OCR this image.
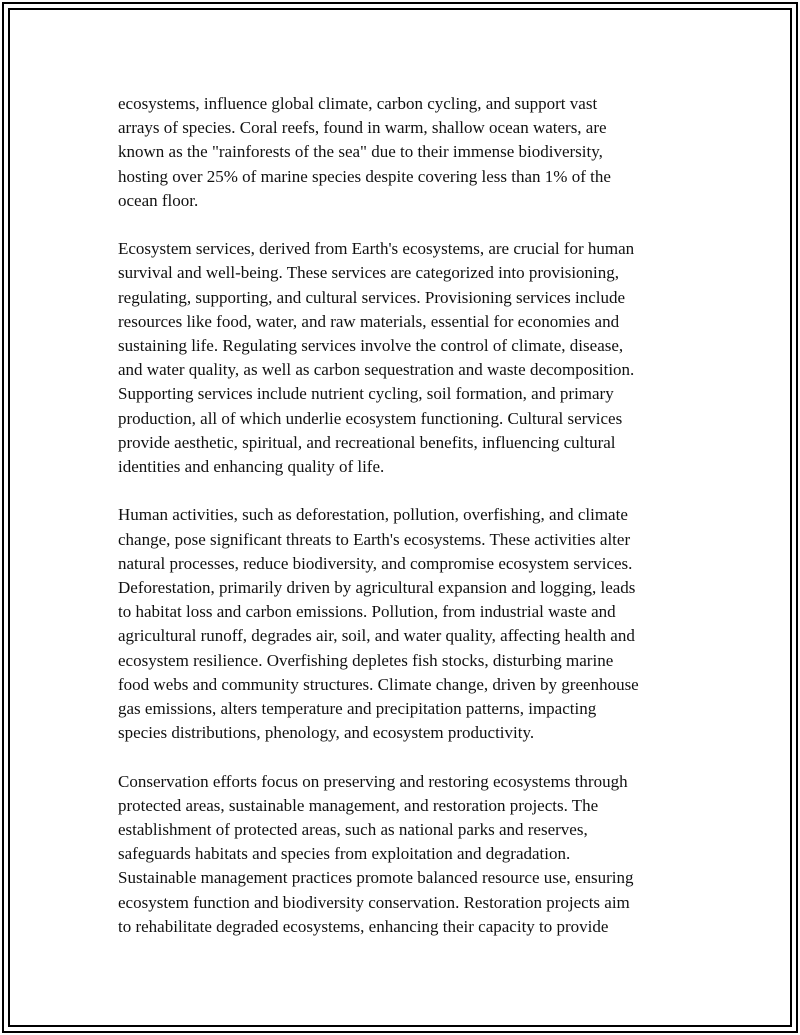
ecosystems, influence global climate, carbon cycling, and support vast
arrays of species. Coral reefs, found in warm, shallow ocean waters, are
known as the "rainforests of the sea" due to their immense biodiversity,
hosting over 25% of marine species despite covering less than 1% of the
ocean floor.

Ecosystem services, derived from Earth's ecosystems, are crucial for human
survival and well-being. These services are categorized into provisioning,
regulating, supporting, and cultural services. Provisioning services include
resources like food, water, and raw materials, essential for economies and
sustaining life. Regulating services involve the control of climate, disease,
and water quality, as well as carbon sequestration and waste decomposition.
Supporting services include nutrient cycling, soil formation, and primary
production, all of which underlie ecosystem functioning. Cultural services
provide aesthetic, spiritual, and recreational benefits, influencing cultural
identities and enhancing quality of life.

Human activities, such as deforestation, pollution, overfishing, and climate
change, pose significant threats to Earth's ecosystems. These activities alter
natural processes, reduce biodiversity, and compromise ecosystem services.
Deforestation, primarily driven by agricultural expansion and logging, leads
to habitat loss and carbon emissions. Pollution, from industrial waste and
agricultural runoff, degrades air, soil, and water quality, affecting health and
ecosystem resilience. Overfishing depletes fish stocks, disturbing marine
food webs and community structures. Climate change, driven by greenhouse
gas emissions, alters temperature and precipitation patterns, impacting
species distributions, phenology, and ecosystem productivity.

Conservation efforts focus on preserving and restoring ecosystems through
protected areas, sustainable management, and restoration projects. The
establishment of protected areas, such as national parks and reserves,
safeguards habitats and species from exploitation and degradation.
Sustainable management practices promote balanced resource use, ensuring
ecosystem function and biodiversity conservation. Restoration projects aim
to rehabilitate degraded ecosystems, enhancing their capacity to provide
